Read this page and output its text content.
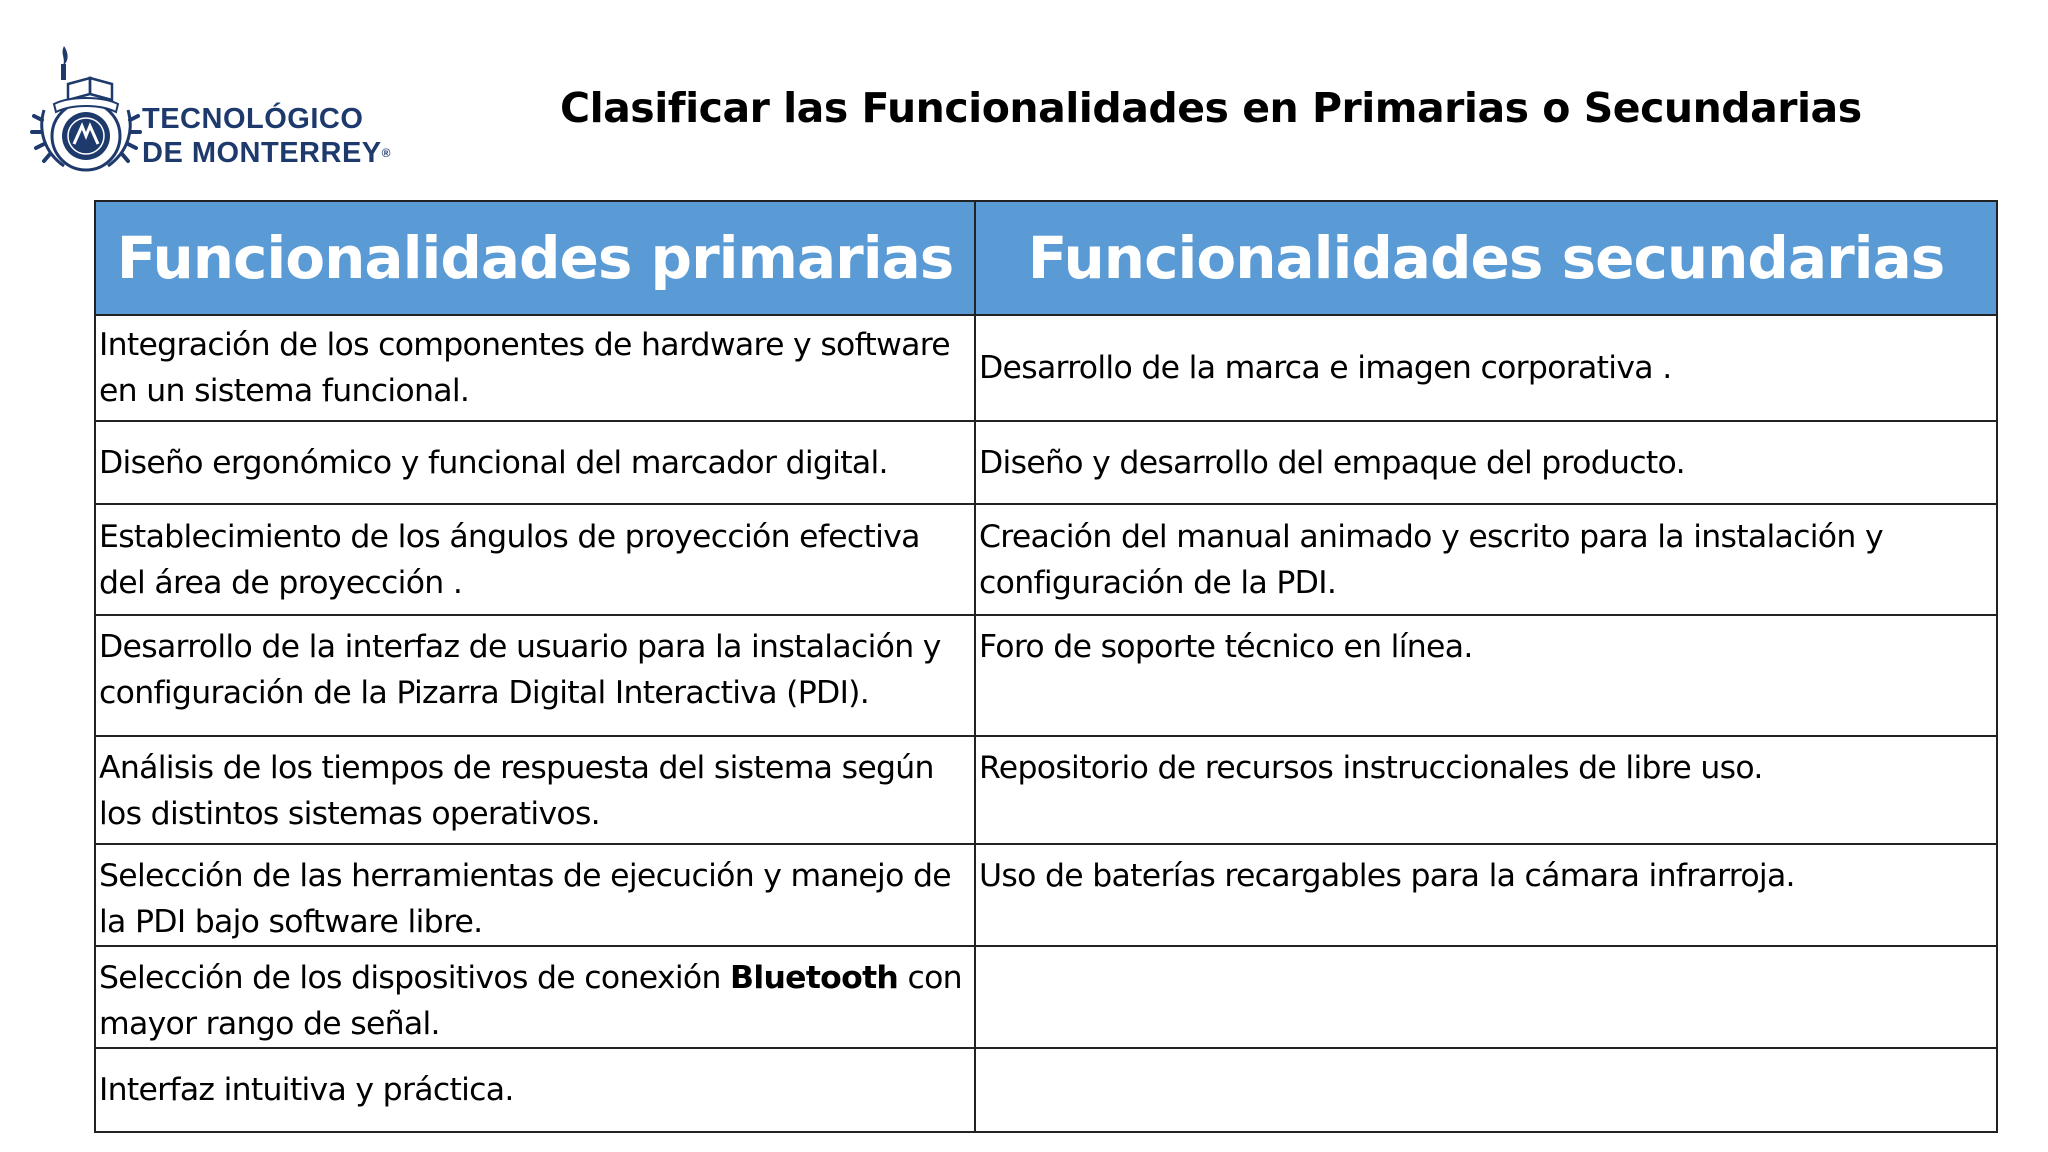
TECNOLÓGICO
DE MONTERREY®
Clasificar las Funcionalidades en Primarias o Secundarias
Funcionalidades primarias	Funcionalidades secundarias
Integración de los componentes de hardware y software en un sistema funcional.	Desarrollo de la marca e imagen corporativa .
Diseño ergonómico y funcional del marcador digital.	Diseño y desarrollo del empaque del producto.
Establecimiento de los ángulos de proyección efectiva del área de proyección .	Creación del manual animado y escrito para la instalación y configuración de la PDI.
Desarrollo de la interfaz de usuario para la instalación y configuración de la Pizarra Digital Interactiva (PDI).	Foro de soporte técnico en línea.
Análisis de los tiempos de respuesta del sistema según los distintos sistemas operativos.	Repositorio de recursos instruccionales de libre uso.
Selección de las herramientas de ejecución y manejo de la PDI bajo software libre.	Uso de baterías recargables para la cámara infrarroja.
Selección de los dispositivos de conexión Bluetooth con mayor rango de señal.	
Interfaz intuitiva y práctica.	
